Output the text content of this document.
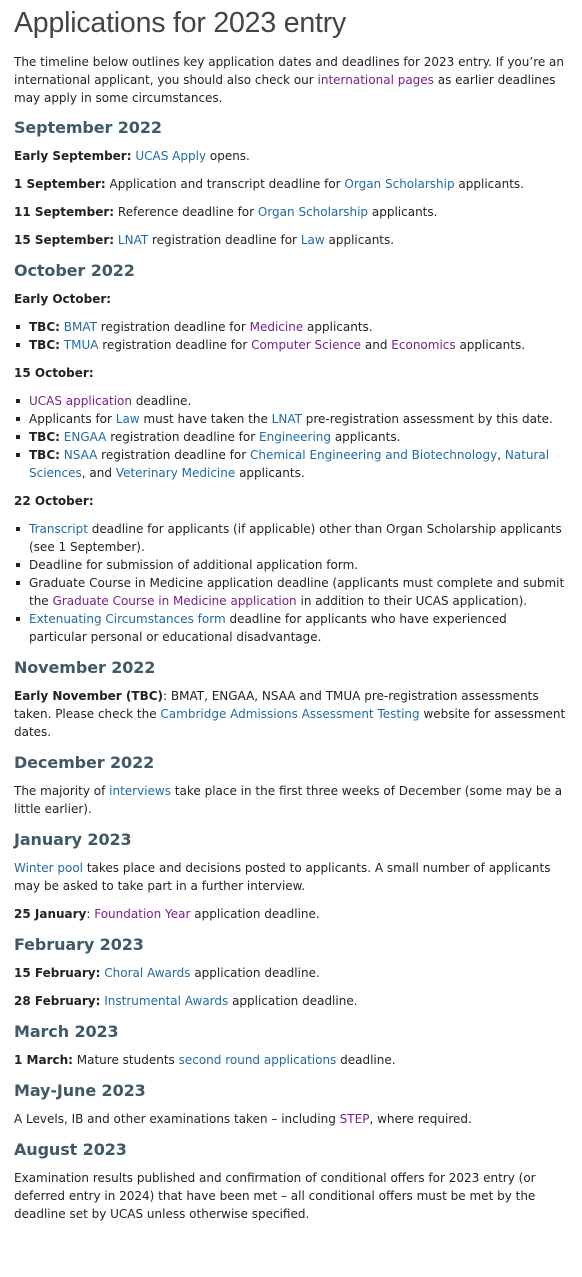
Applications for 2023 entry

The timeline below outlines key application dates and deadlines for 2023 entry. If you’re an international applicant, you should also check our international pages as earlier deadlines may apply in some circumstances.

September 2022

Early September: UCAS Apply opens.

1 September: Application and transcript deadline for Organ Scholarship applicants.

11 September: Reference deadline for Organ Scholarship applicants.

15 September: LNAT registration deadline for Law applicants.

October 2022

Early October:

TBC: BMAT registration deadline for Medicine applicants.
TBC: TMUA registration deadline for Computer Science and Economics applicants.

15 October:

UCAS application deadline.
Applicants for Law must have taken the LNAT pre-registration assessment by this date.
TBC: ENGAA registration deadline for Engineering applicants.
TBC: NSAA registration deadline for Chemical Engineering and Biotechnology, Natural Sciences, and Veterinary Medicine applicants.

22 October:

Transcript deadline for applicants (if applicable) other than Organ Scholarship applicants (see 1 September).
Deadline for submission of additional application form.
Graduate Course in Medicine application deadline (applicants must complete and submit the Graduate Course in Medicine application in addition to their UCAS application).
Extenuating Circumstances form deadline for applicants who have experienced particular personal or educational disadvantage.
November 2022

Early November (TBC): BMAT, ENGAA, NSAA and TMUA pre-registration assessments taken. Please check the Cambridge Admissions Assessment Testing website for assessment dates.

December 2022

The majority of interviews take place in the first three weeks of December (some may be a little earlier).

January 2023

Winter pool takes place and decisions posted to applicants. A small number of applicants may be asked to take part in a further interview.

25 January: Foundation Year application deadline.

February 2023

15 February: Choral Awards application deadline.

28 February: Instrumental Awards application deadline.

March 2023

1 March: Mature students second round applications deadline.

May-June 2023

A Levels, IB and other examinations taken – including STEP, where required.

August 2023

Examination results published and confirmation of conditional offers for 2023 entry (or deferred entry in 2024) that have been met – all conditional offers must be met by the deadline set by UCAS unless otherwise specified.
